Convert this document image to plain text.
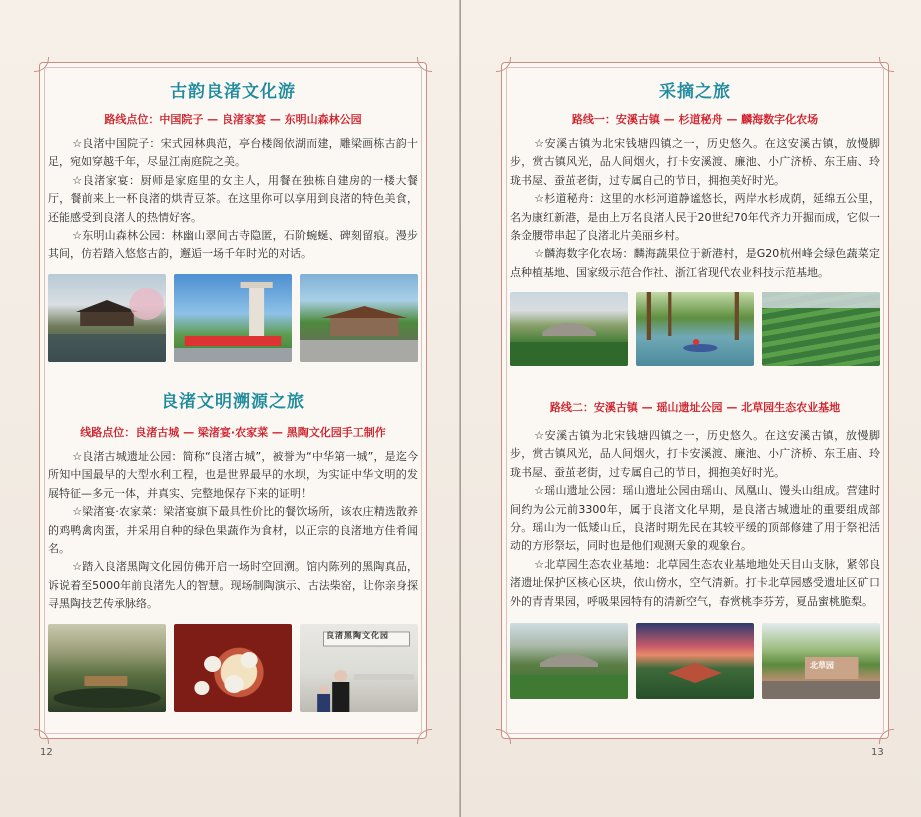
古韵良渚文化游

路线点位：中国院子 — 良渚家宴 — 东明山森林公园

☆良渚中国院子：宋式园林典范，亭台楼阁依湖而建，雕梁画栋古韵十足，宛如穿越千年，尽显江南庭院之美。

☆良渚家宴：厨师是家庭里的女主人，用餐在独栋自建房的一楼大餐厅，餐前来上一杯良渚的烘青豆茶。在这里你可以享用到良渚的特色美食，还能感受到良渚人的热情好客。

☆东明山森林公园：林幽山翠间古寺隐匿，石阶蜿蜒、碑刻留痕。漫步其间，仿若踏入悠悠古韵，邂逅一场千年时光的对话。

良渚文明溯源之旅

线路点位：良渚古城 — 梁渚宴·农家菜 — 黑陶文化园手工制作

☆良渚古城遗址公园：简称“良渚古城”，被誉为“中华第一城”，是迄今所知中国最早的大型水利工程，也是世界最早的水坝，为实证中华文明的发展特征—多元一体，并真实、完整地保存下来的证明！

☆梁渚宴·农家菜：梁渚宴旗下最具性价比的餐饮场所，该农庄精选散养的鸡鸭禽肉蛋，并采用自种的绿色果蔬作为食材，以正宗的良渚地方佳肴闻名。

☆踏入良渚黑陶文化园仿佛开启一场时空回溯。馆内陈列的黑陶真品，诉说着至5000年前良渚先人的智慧。现场制陶演示、古法柴窑，让你亲身探寻黑陶技艺传承脉络。

良渚黑陶文化园
12
采摘之旅

路线一：安溪古镇 — 杉道秘舟 — 麟海数字化农场

☆安溪古镇为北宋钱塘四镇之一，历史悠久。在这安溪古镇，放慢脚步，赏古镇风光，品人间烟火，打卡安溪渡、廉池、小广济桥、东王庙、玲珑书屋、蚕茧老街，过专属自己的节日，拥抱美好时光。

☆杉道秘舟：这里的水杉河道静谧悠长，两岸水杉成荫，延绵五公里，名为康红新港，是由上万名良渚人民于20世纪70年代齐力开掘而成，它似一条金腰带串起了良渚北片美丽乡村。

☆麟海数字化农场：麟海蔬果位于新港村，是G20杭州峰会绿色蔬菜定点种植基地、国家级示范合作社、浙江省现代农业科技示范基地。

路线二：安溪古镇 — 瑶山遗址公园 — 北草园生态农业基地

☆安溪古镇为北宋钱塘四镇之一，历史悠久。在这安溪古镇，放慢脚步，赏古镇风光，品人间烟火，打卡安溪渡、廉池、小广济桥、东王庙、玲珑书屋、蚕茧老街，过专属自己的节日，拥抱美好时光。

☆瑶山遗址公园：瑶山遗址公园由瑶山、凤凰山、馒头山组成。营建时间约为公元前3300年，属于良渚文化早期，是良渚古城遗址的重要组成部分。瑶山为一低矮山丘，良渚时期先民在其较平缓的顶部修建了用于祭祀活动的方形祭坛，同时也是他们观测天象的观象台。

☆北草园生态农业基地：北草园生态农业基地地处天目山支脉，紧邻良渚遗址保护区核心区块，依山傍水，空气清新。打卡北草园感受遗址区矿口外的青青果园，呼吸果园特有的清新空气，春赏桃李芬芳，夏品蜜桃脆梨。

北草园
13
